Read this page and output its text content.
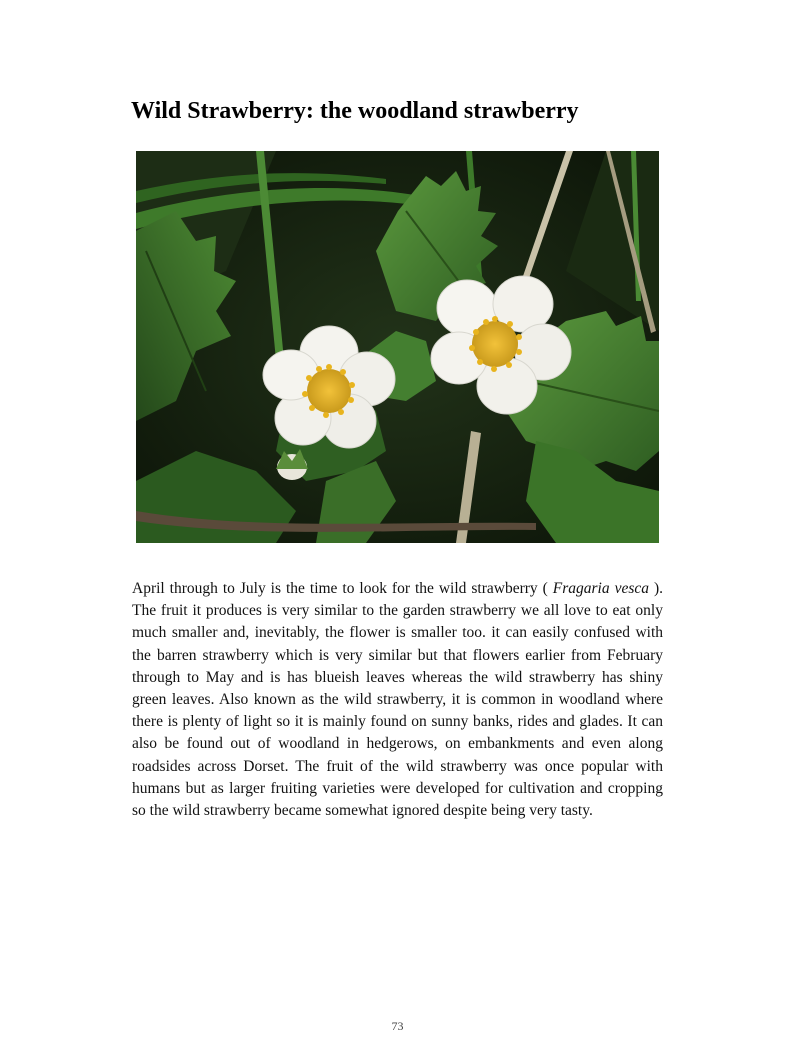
Wild Strawberry: the woodland strawberry

April through to July is the time to look for the wild strawberry ( Fragaria vesca ). The fruit it produces is very similar to the garden strawberry we all love to eat only much smaller and, inevitably, the flower is smaller too. it can easily confused with the barren strawberry which is very similar but that flowers earlier from February through to May and is has blueish leaves whereas the wild strawberry has shiny green leaves. Also known as the wild strawberry, it is common in woodland where there is plenty of light so it is mainly found on sunny banks, rides and glades. It can also be found out of woodland in hedgerows, on embankments and even along roadsides across Dorset. The fruit of the wild strawberry was once popular with humans but as larger fruiting varieties were developed for cultivation and cropping so the wild strawberry became somewhat ignored despite being very tasty.

73
